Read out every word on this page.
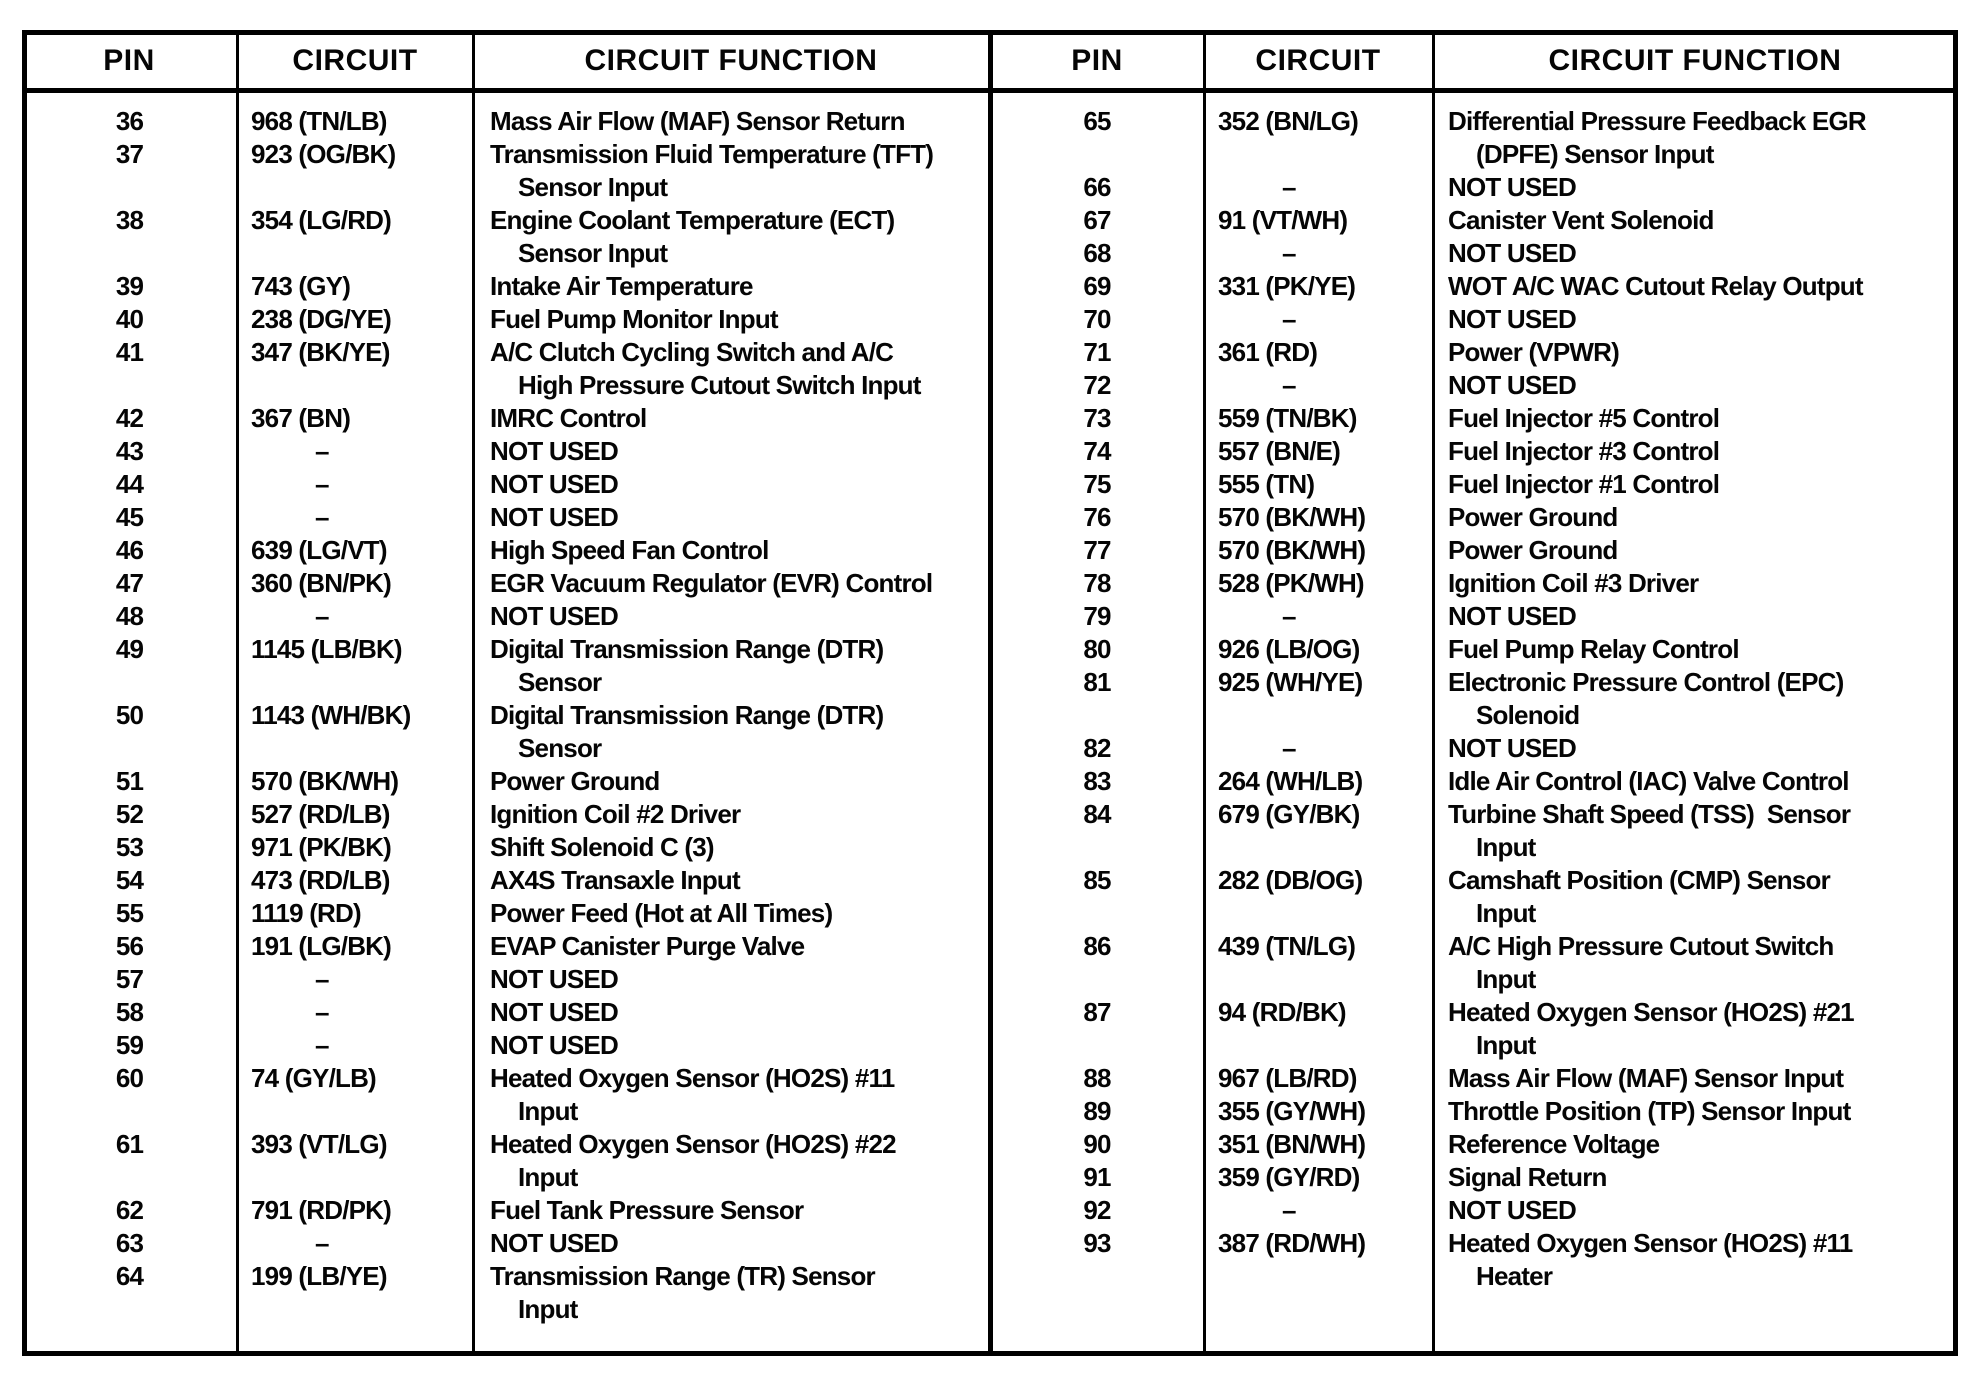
PIN	CIRCUIT	CIRCUIT FUNCTION	PIN	CIRCUIT	CIRCUIT FUNCTION
36	968 (TN/LB)	Mass Air Flow (MAF) Sensor Return
37	923 (OG/BK)	Transmission Fluid Temperature (TFT)
Sensor Input
38	354 (LG/RD)	Engine Coolant Temperature (ECT)
Sensor Input
39	743 (GY)	Intake Air Temperature
40	238 (DG/YE)	Fuel Pump Monitor Input
41	347 (BK/YE)	A/C Clutch Cycling Switch and A/C
High Pressure Cutout Switch Input
42	367 (BN)	IMRC Control
43	–	NOT USED
44	–	NOT USED
45	–	NOT USED
46	639 (LG/VT)	High Speed Fan Control
47	360 (BN/PK)	EGR Vacuum Regulator (EVR) Control
48	–	NOT USED
49	1145 (LB/BK)	Digital Transmission Range (DTR)
Sensor
50	1143 (WH/BK)	Digital Transmission Range (DTR)
Sensor
51	570 (BK/WH)	Power Ground
52	527 (RD/LB)	Ignition Coil #2 Driver
53	971 (PK/BK)	Shift Solenoid C (3)
54	473 (RD/LB)	AX4S Transaxle Input
55	1119 (RD)	Power Feed (Hot at All Times)
56	191 (LG/BK)	EVAP Canister Purge Valve
57	–	NOT USED
58	–	NOT USED
59	–	NOT USED
60	74 (GY/LB)	Heated Oxygen Sensor (HO2S) #11
Input
61	393 (VT/LG)	Heated Oxygen Sensor (HO2S) #22
Input
62	791 (RD/PK)	Fuel Tank Pressure Sensor
63	–	NOT USED
64	199 (LB/YE)	Transmission Range (TR) Sensor
Input
65	352 (BN/LG)	Differential Pressure Feedback EGR
(DPFE) Sensor Input
66	–	NOT USED
67	91 (VT/WH)	Canister Vent Solenoid
68	–	NOT USED
69	331 (PK/YE)	WOT A/C WAC Cutout Relay Output
70	–	NOT USED
71	361 (RD)	Power (VPWR)
72	–	NOT USED
73	559 (TN/BK)	Fuel Injector #5 Control
74	557 (BN/E)	Fuel Injector #3 Control
75	555 (TN)	Fuel Injector #1 Control
76	570 (BK/WH)	Power Ground
77	570 (BK/WH)	Power Ground
78	528 (PK/WH)	Ignition Coil #3 Driver
79	–	NOT USED
80	926 (LB/OG)	Fuel Pump Relay Control
81	925 (WH/YE)	Electronic Pressure Control (EPC)
Solenoid
82	–	NOT USED
83	264 (WH/LB)	Idle Air Control (IAC) Valve Control
84	679 (GY/BK)	Turbine Shaft Speed (TSS)  Sensor
Input
85	282 (DB/OG)	Camshaft Position (CMP) Sensor
Input
86	439 (TN/LG)	A/C High Pressure Cutout Switch
Input
87	94 (RD/BK)	Heated Oxygen Sensor (HO2S) #21
Input
88	967 (LB/RD)	Mass Air Flow (MAF) Sensor Input
89	355 (GY/WH)	Throttle Position (TP) Sensor Input
90	351 (BN/WH)	Reference Voltage
91	359 (GY/RD)	Signal Return
92	–	NOT USED
93	387 (RD/WH)	Heated Oxygen Sensor (HO2S) #11
Heater
